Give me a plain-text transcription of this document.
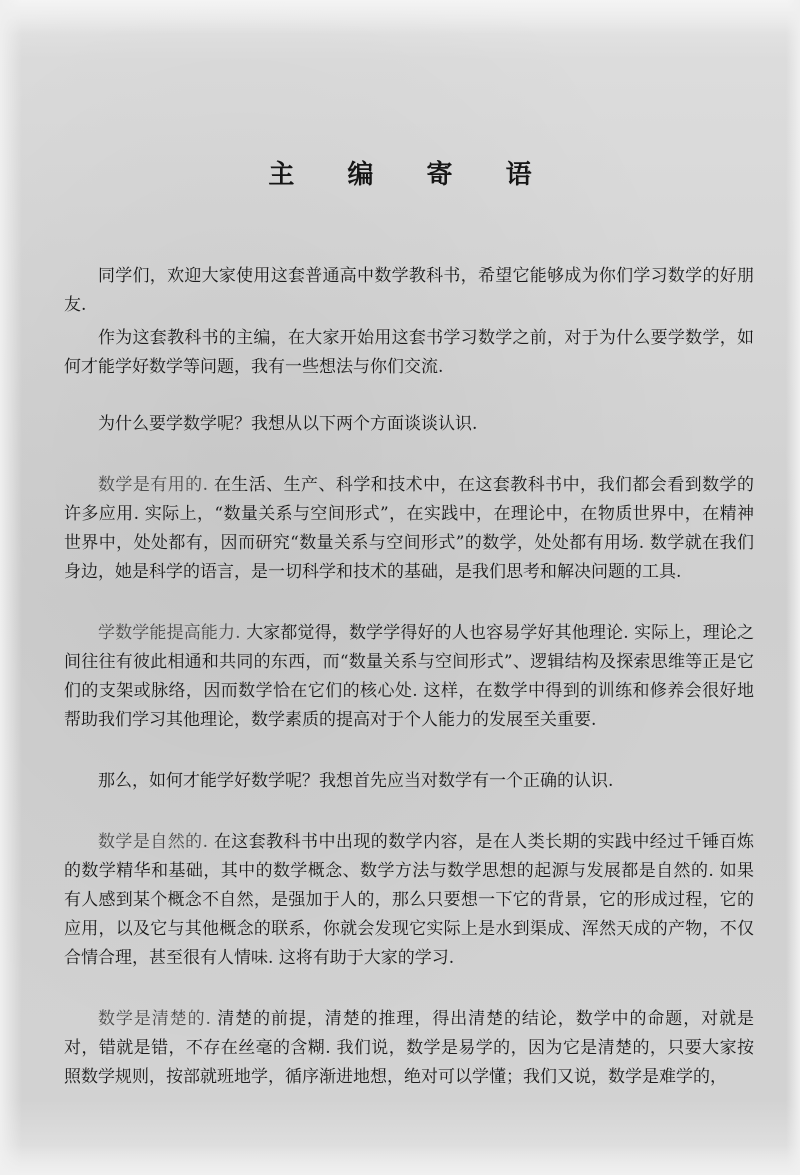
主 编 寄 语

同学们，欢迎大家使用这套普通高中数学教科书，希望它能够成为你们学习数学的好朋友.

作为这套教科书的主编，在大家开始用这套书学习数学之前，对于为什么要学数学，如何才能学好数学等问题，我有一些想法与你们交流.

为什么要学数学呢？我想从以下两个方面谈谈认识.

数学是有用的. 在生活、生产、科学和技术中，在这套教科书中，我们都会看到数学的许多应用. 实际上，“数量关系与空间形式”，在实践中，在理论中，在物质世界中，在精神世界中，处处都有，因而研究“数量关系与空间形式”的数学，处处都有用场. 数学就在我们身边，她是科学的语言，是一切科学和技术的基础，是我们思考和解决问题的工具.

学数学能提高能力. 大家都觉得，数学学得好的人也容易学好其他理论. 实际上，理论之间往往有彼此相通和共同的东西，而“数量关系与空间形式”、逻辑结构及探索思维等正是它们的支架或脉络，因而数学恰在它们的核心处. 这样，在数学中得到的训练和修养会很好地帮助我们学习其他理论，数学素质的提高对于个人能力的发展至关重要.

那么，如何才能学好数学呢？我想首先应当对数学有一个正确的认识.

数学是自然的. 在这套教科书中出现的数学内容，是在人类长期的实践中经过千锤百炼的数学精华和基础，其中的数学概念、数学方法与数学思想的起源与发展都是自然的. 如果有人感到某个概念不自然，是强加于人的，那么只要想一下它的背景，它的形成过程，它的应用，以及它与其他概念的联系，你就会发现它实际上是水到渠成、浑然天成的产物，不仅合情合理，甚至很有人情味. 这将有助于大家的学习.

数学是清楚的. 清楚的前提，清楚的推理，得出清楚的结论，数学中的命题，对就是对，错就是错，不存在丝毫的含糊. 我们说，数学是易学的，因为它是清楚的，只要大家按照数学规则，按部就班地学，循序渐进地想，绝对可以学懂；我们又说，数学是难学的，
